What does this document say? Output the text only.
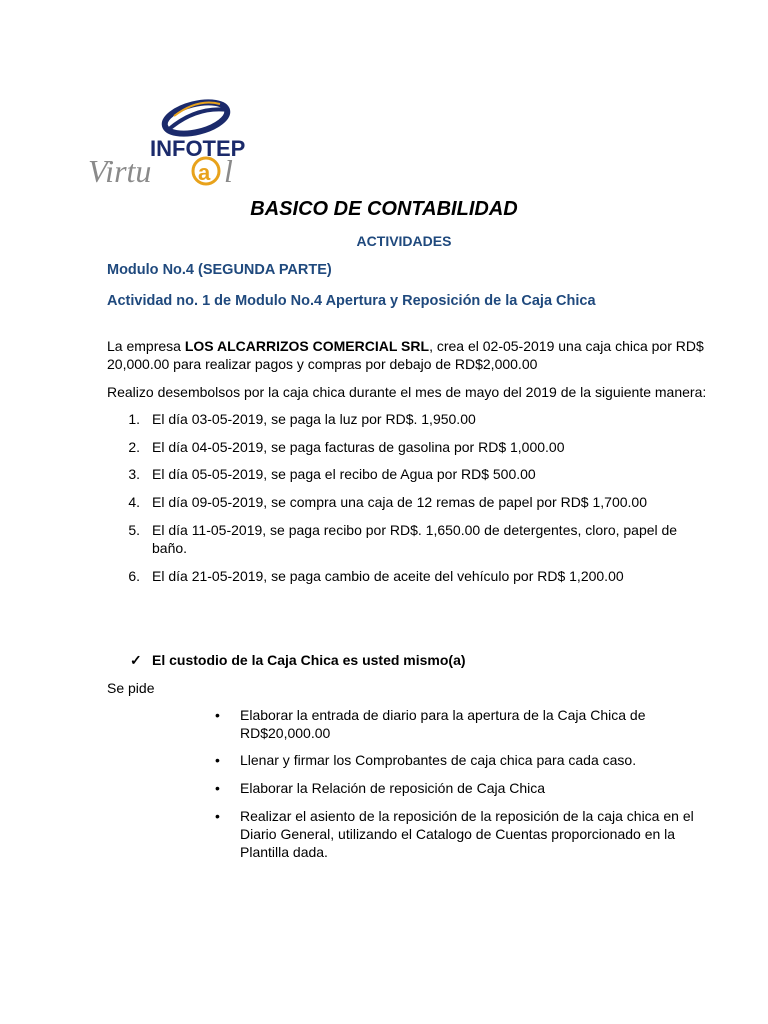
INFOTEP
Virtu a l
BASICO DE CONTABILIDAD
ACTIVIDADES

Modulo No.4 (SEGUNDA PARTE)

Actividad no. 1 de Modulo No.4 Apertura y Reposición de la Caja Chica

La empresa LOS ALCARRIZOS COMERCIAL SRL, crea el 02-05-2019 una caja chica por RD$
20,000.00 para realizar pagos y compras por debajo de RD$2,000.00

Realizo desembolsos por la caja chica durante el mes de mayo del 2019 de la siguiente manera:

1. El día 03-05-2019, se paga la luz por RD$. 1,950.00
2. El día 04-05-2019, se paga facturas de gasolina por RD$ 1,000.00
3. El día 05-05-2019, se paga el recibo de Agua por RD$ 500.00
4. El día 09-05-2019, se compra una caja de 12 remas de papel por RD$ 1,700.00
5. El día 11-05-2019, se paga recibo por RD$. 1,650.00 de detergentes, cloro, papel de
baño.
6. El día 21-05-2019, se paga cambio de aceite del vehículo por RD$ 1,200.00
✓ El custodio de la Caja Chica es usted mismo(a)

Se pide

• Elaborar la entrada de diario para la apertura de la Caja Chica de
RD$20,000.00
• Llenar y firmar los Comprobantes de caja chica para cada caso.
• Elaborar la Relación de reposición de Caja Chica
• Realizar el asiento de la reposición de la reposición de la caja chica en el
Diario General, utilizando el Catalogo de Cuentas proporcionado en la
Plantilla dada.
